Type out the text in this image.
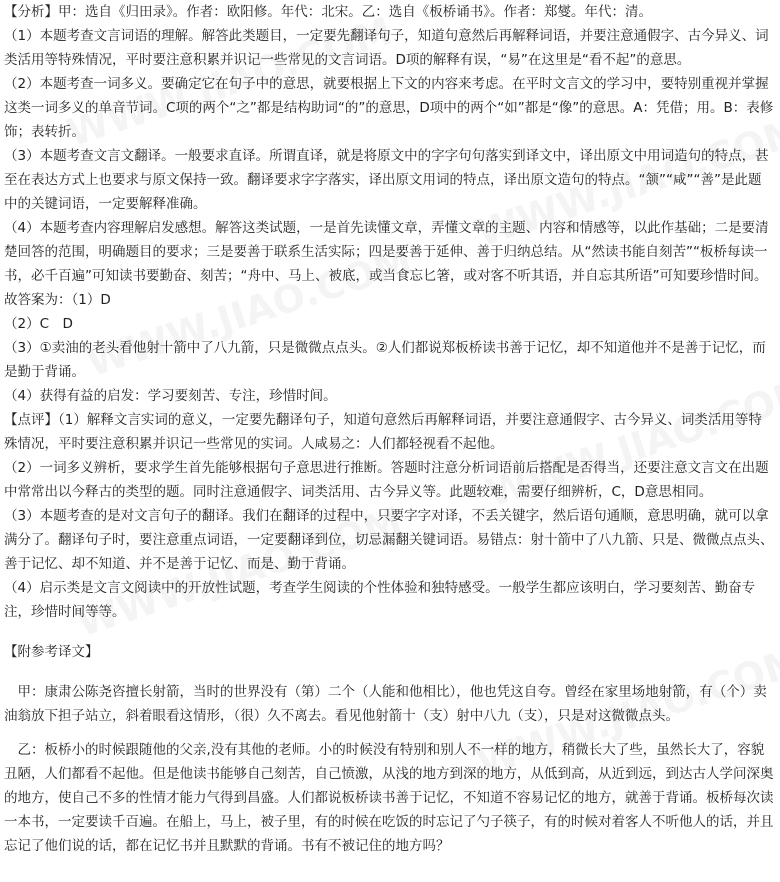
【分析】甲：选自《归田录》。作者：欧阳修。年代：北宋。乙：选自《板桥诵书》。作者：郑燮。年代：清。

（1）本题考查文言词语的理解。解答此类题目，一定要先翻译句子，知道句意然后再解释词语，并要注意通假字、古今异义、词类活用等特殊情况，平时要注意积累并识记一些常见的文言词语。D项的解释有误，“易”在这里是“看不起”的意思。

（2）本题考查一词多义。要确定它在句子中的意思，就要根据上下文的内容来考虑。在平时文言文的学习中，要特别重视并掌握这类一词多义的单音节词。C项的两个“之”都是结构助词“的”的意思，D项中的两个“如”都是“像”的意思。A：凭借；用。B：表修饰；表转折。

（3）本题考查文言文翻译。一般要求直译。所谓直译，就是将原文中的字字句句落实到译文中，译出原文中用词造句的特点，甚至在表达方式上也要求与原文保持一致。翻译要求字字落实，译出原文用词的特点，译出原文造句的特点。“颔”“咸”“善”是此题中的关键词语，一定要解释准确。

（4）本题考查内容理解启发感想。解答这类试题，一是首先读懂文章，弄懂文章的主题、内容和情感等，以此作基础；二是要清楚回答的范围，明确题目的要求；三是要善于联系生活实际；四是要善于延伸、善于归纳总结。从“然读书能自刻苦”“板桥每读一书，必千百遍”可知读书要勤奋、刻苦；“舟中、马上、被底，或当食忘匕箸，或对客不听其语，并自忘其所语”可知要珍惜时间。

故答案为：（1）D

（2）C　D

（3）①卖油的老头看他射十箭中了八九箭，只是微微点点头。②人们都说郑板桥读书善于记忆，却不知道他并不是善于记忆，而是勤于背诵。

（4）获得有益的启发：学习要刻苦、专注，珍惜时间。

【点评】（1）解释文言实词的意义，一定要先翻译句子，知道句意然后再解释词语，并要注意通假字、古今异义、词类活用等特殊情况，平时要注意积累并识记一些常见的实词。人咸易之：人们都轻视看不起他。

（2）一词多义辨析，要求学生首先能够根据句子意思进行推断。答题时注意分析词语前后搭配是否得当，还要注意文言文在出题中常常出以今释古的类型的题。同时注意通假字、词类活用、古今异义等。此题较难，需要仔细辨析，C，D意思相同。

（3）本题考查的是对文言句子的翻译。我们在翻译的过程中，只要字字对译，不丢关键字，然后语句通顺，意思明确，就可以拿满分了。翻译句子时，要注意重点词语，一定要翻译到位，切忌漏翻关键词语。易错点：射十箭中了八九箭、只是、微微点点头、善于记忆、却不知道、并不是善于记忆、而是、勤于背诵。

（4）启示类是文言文阅读中的开放性试题，考查学生阅读的个性体验和独特感受。一般学生都应该明白，学习要刻苦、勤奋专注，珍惜时间等等。

【附参考译文】

甲：康肃公陈尧咨擅长射箭，当时的世界没有（第）二个（人能和他相比），他也凭这自夸。曾经在家里场地射箭，有（个）卖油翁放下担子站立，斜着眼看这情形，（很）久不离去。看见他射箭十（支）射中八九（支），只是对这微微点头。

乙：板桥小的时候跟随他的父亲,没有其他的老师。小的时候没有特别和别人不一样的地方，稍微长大了些，虽然长大了，容貌丑陋，人们都看不起他。但是他读书能够自己刻苦，自己愤激，从浅的地方到深的地方，从低到高，从近到远，到达古人学问深奥的地方，使自己不多的性情才能力气得到昌盛。人们都说板桥读书善于记忆，不知道不容易记忆的地方，就善于背诵。板桥每次读一本书，一定要读千百遍。在船上，马上，被子里，有的时候在吃饭的时忘记了勺子筷子，有的时候对着客人不听他人的话，并且忘记了他们说的话，都在记忆书并且默默的背诵。书有不被记住的地方吗？
